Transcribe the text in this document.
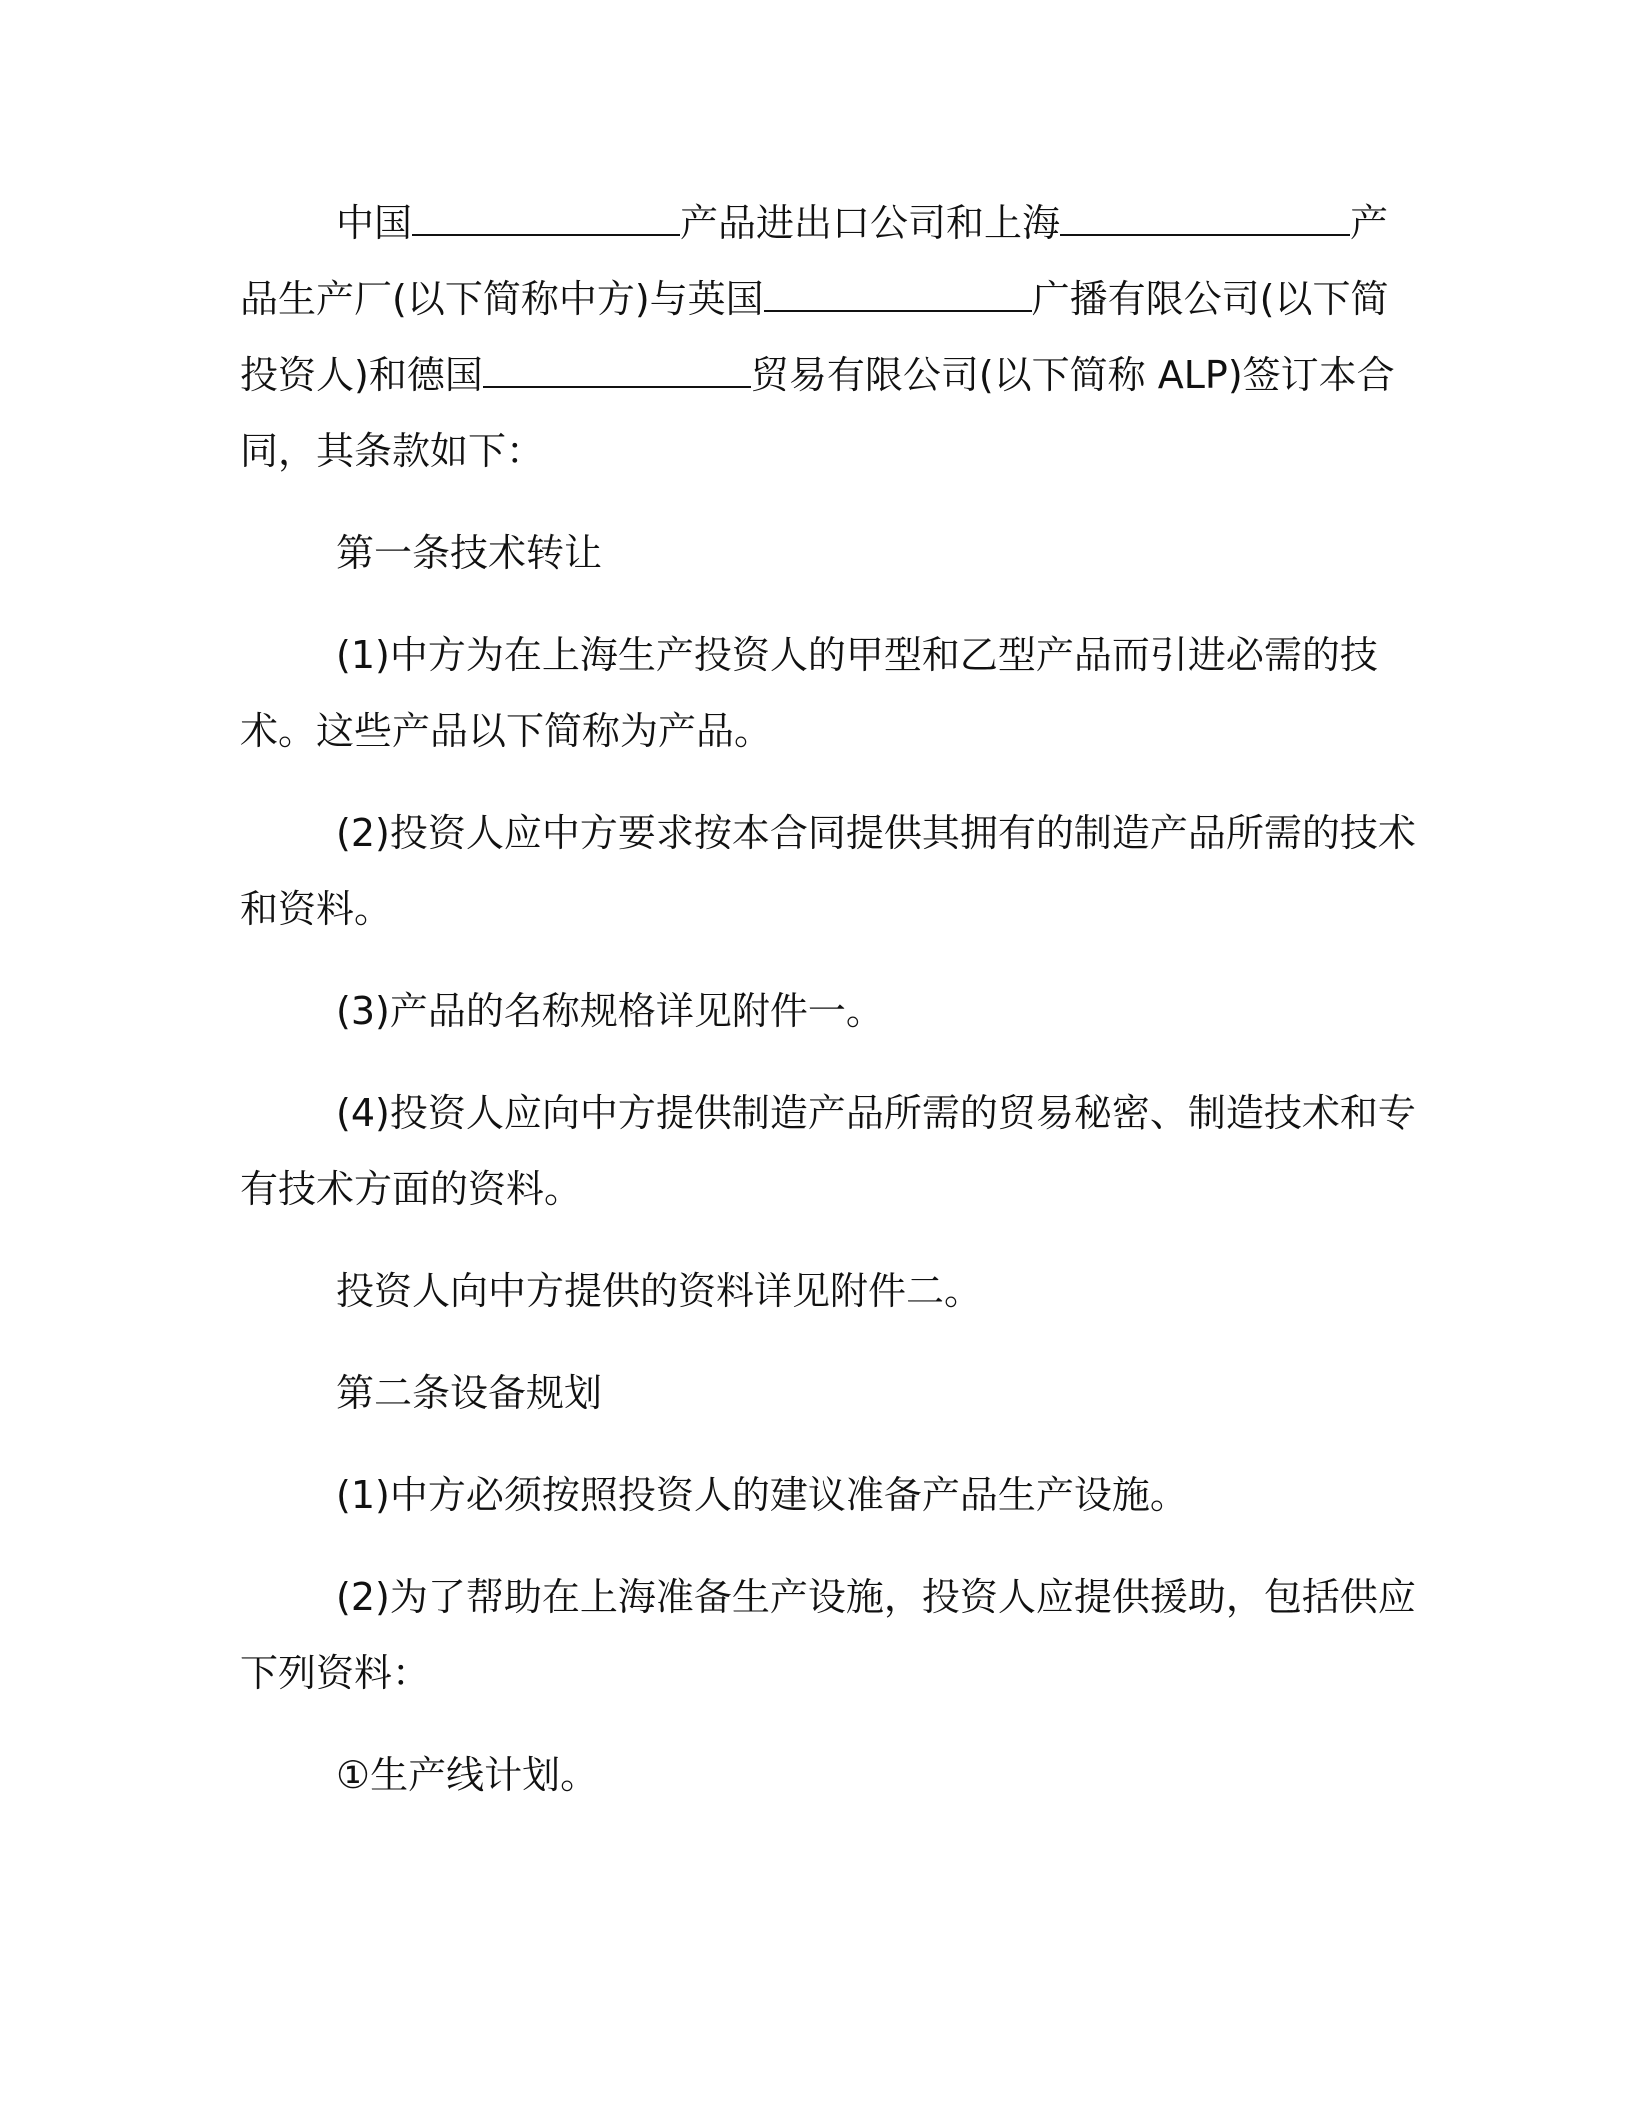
中国	产品进出口公司和上海	产品生产厂(以下简称中方)与英国	广播有限公司(以下简投资人)和德国	贸易有限公司(以下简称 ALP)签订本合同，其条款如下：

第一条技术转让

(1)中方为在上海生产投资人的甲型和乙型产品而引进必需的技术。这些产品以下简称为产品。

(2)投资人应中方要求按本合同提供其拥有的制造产品所需的技术和资料。

(3)产品的名称规格详见附件一。

(4)投资人应向中方提供制造产品所需的贸易秘密、制造技术和专有技术方面的资料。

投资人向中方提供的资料详见附件二。

第二条设备规划

(1)中方必须按照投资人的建议准备产品生产设施。

(2)为了帮助在上海准备生产设施，投资人应提供援助，包括供应下列资料：

①生产线计划。
